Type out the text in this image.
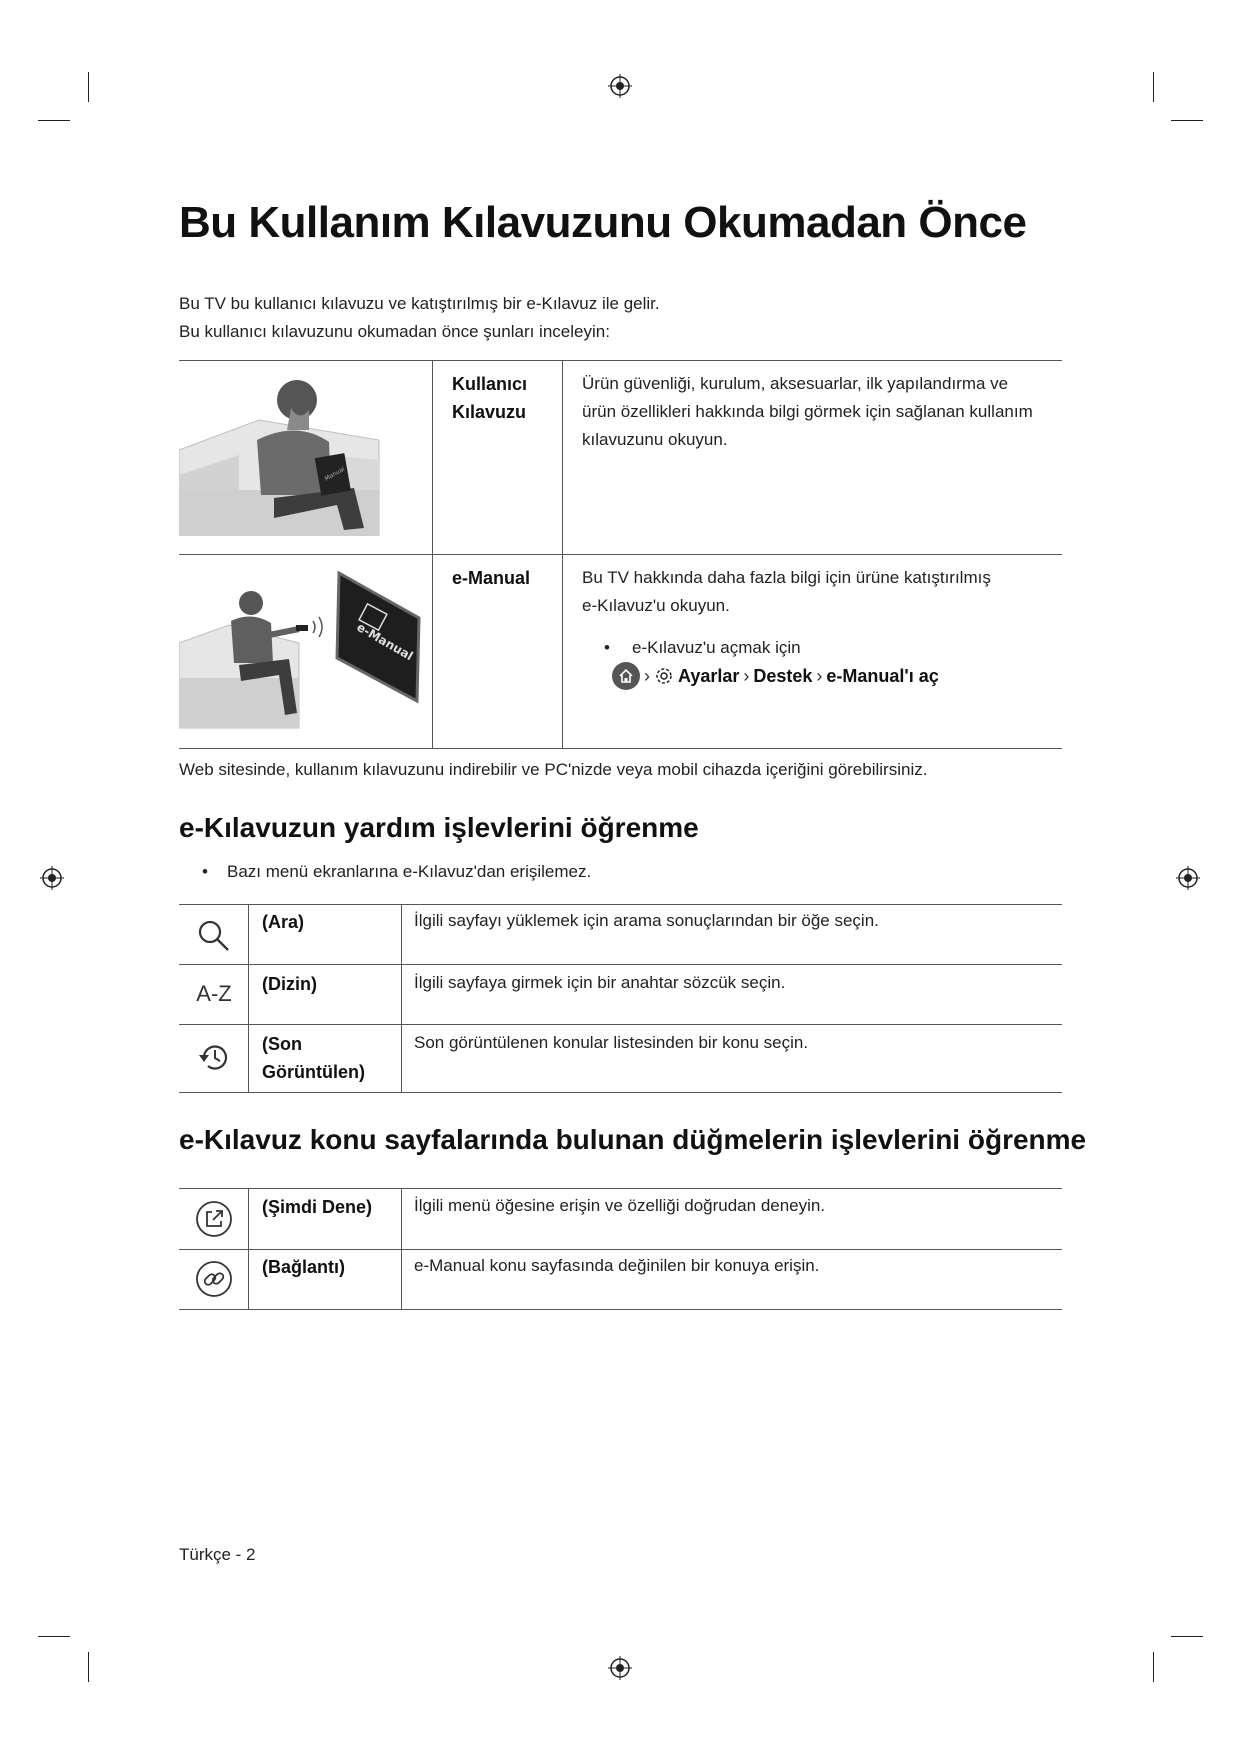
Bu Kullanım Kılavuzunu Okumadan Önce
Bu TV bu kullanıcı kılavuzu ve katıştırılmış bir e-Kılavuz ile gelir.
Bu kullanıcı kılavuzunu okumadan önce şunları inceleyin:
Manual
Kullanıcı
Kılavuzu
Ürün güvenliği, kurulum, aksesuarlar, ilk yapılandırma ve
ürün özellikleri hakkında bilgi görmek için sağlanan kullanım
kılavuzunu okuyun.
e-Manual
e-Manual	Bu TV hakkında daha fazla bilgi için ürüne katıştırılmış
e-Kılavuz'u okuyun.
• e-Kılavuz'u açmak için
› Ayarlar › Destek › e-Manual'ı aç
Web sitesinde, kullanım kılavuzunu indirebilir ve PC'nizde veya mobil cihazda içeriğini görebilirsiniz.
e-Kılavuzun yardım işlevlerini öğrenme
• Bazı menü ekranlarına e-Kılavuz'dan erişilemez.
(Ara)	İlgili sayfayı yüklemek için arama sonuçlarından bir öğe seçin.
A-Z	(Dizin)	İlgili sayfaya girmek için bir anahtar sözcük seçin.
(Son
Görüntülen)
Son görüntülenen konular listesinden bir konu seçin.
e-Kılavuz konu sayfalarında bulunan düğmelerin işlevlerini öğrenme
(Şimdi Dene) İlgili menü öğesine erişin ve özelliği doğrudan deneyin.
(Bağlantı)	e-Manual konu sayfasında değinilen bir konuya erişin.
Türkçe - 2
